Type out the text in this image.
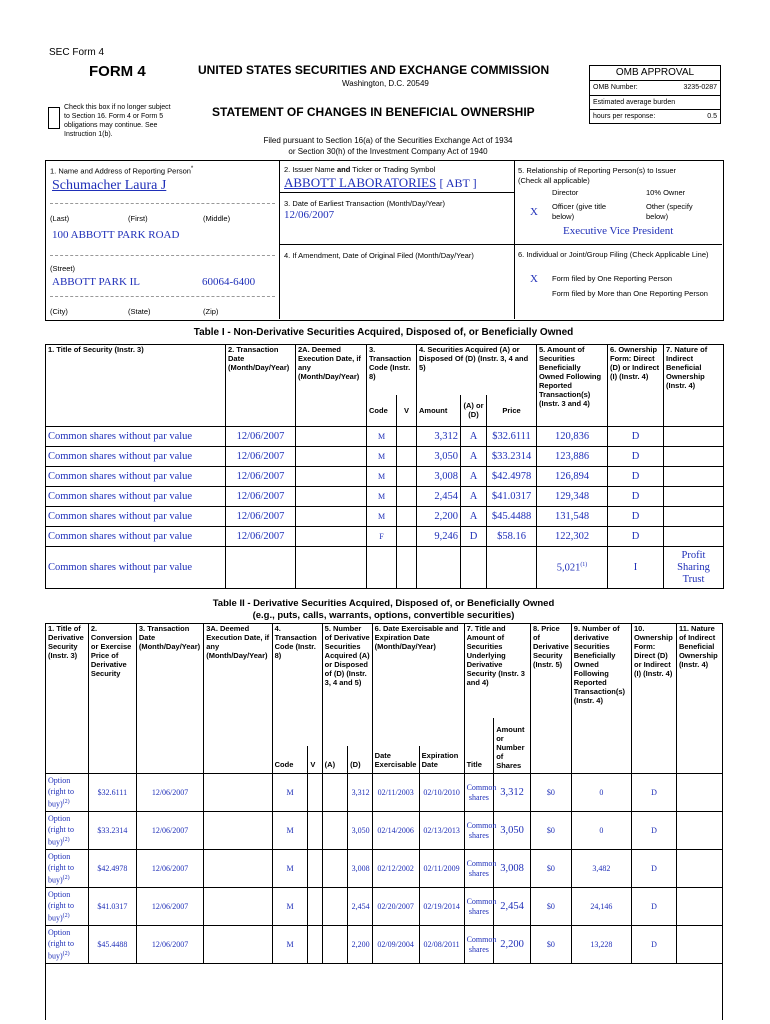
SEC Form 4
FORM 4	UNITED STATES SECURITIES AND EXCHANGE COMMISSION
Washington, D.C. 20549
Check this box if no longer subject
to Section 16. Form 4 or Form 5
obligations may continue. See
Instruction 1(b).
STATEMENT OF CHANGES IN BENEFICIAL OWNERSHIP
Filed pursuant to Section 16(a) of the Securities Exchange Act of 1934
or Section 30(h) of the Investment Company Act of 1940
OMB APPROVAL
OMB Number:	3235-0287
Estimated average burden
hours per response:	0.5
1. Name and Address of Reporting Person*
Schumacher Laura J
(Last)	(First)	(Middle)
100 ABBOTT PARK ROAD
(Street)
ABBOTT PARK IL	60064-6400
(City)	(State)	(Zip)
2. Issuer Name and Ticker or Trading Symbol
ABBOTT LABORATORIES [ ABT ]
3. Date of Earliest Transaction (Month/Day/Year)
12/06/2007
4. If Amendment, Date of Original Filed (Month/Day/Year)
5. Relationship of Reporting Person(s) to Issuer
(Check all applicable)
Director	10% Owner
X Officer (give title below)
Other (specify below)
Executive Vice President
6. Individual or Joint/Group Filing (Check Applicable Line)
X Form filed by One Reporting Person
Form filed by More than One Reporting Person
Table I - Non-Derivative Securities Acquired, Disposed of, or Beneficially Owned
1. Title of Security (Instr. 3)	2. Transaction Date (Month/Day/Year)	2A. Deemed Execution Date, if any (Month/Day/Year)	3. Transaction Code (Instr. 8)		4. Securities Acquired (A) or Disposed Of (D) (Instr. 3, 4 and 5)			5. Amount of Securities Beneficially Owned Following Reported Transaction(s) (Instr. 3 and 4)	6. Ownership Form: Direct (D) or Indirect (I) (Instr. 4)	7. Nature of Indirect Beneficial Ownership (Instr. 4)
			Code	V	Amount	(A) or (D)	Price			
Common shares without par value	12/06/2007		M		3,312	A	$32.6111	120,836	D	
Common shares without par value	12/06/2007		M		3,050	A	$33.2314	123,886	D	
Common shares without par value	12/06/2007		M		3,008	A	$42.4978	126,894	D	
Common shares without par value	12/06/2007		M		2,454	A	$41.0317	129,348	D	
Common shares without par value	12/06/2007		M		2,200	A	$45.4488	131,548	D	
Common shares without par value	12/06/2007		F		9,246	D	$58.16	122,302	D	
Common shares without par value								5,021$^{(1)}$	I	Profit Sharing Trust
Table II - Derivative Securities Acquired, Disposed of, or Beneficially Owned
(e.g., puts, calls, warrants, options, convertible securities)
1. Title of Derivative Security (Instr. 3)	2. Conversion or Exercise Price of Derivative Security	3. Transaction Date (Month/Day/Year)	3A. Deemed Execution Date, if any (Month/Day/Year)	4. Transaction Code (Instr. 8)		5. Number of Derivative Securities Acquired (A) or Disposed of (D) (Instr. 3, 4 and 5)		6. Date Exercisable and Expiration Date (Month/Day/Year)		7. Title and Amount of Securities Underlying Derivative Security (Instr. 3 and 4)		8. Price of Derivative Security (Instr. 5)	9. Number of derivative Securities Beneficially Owned Following Reported Transaction(s) (Instr. 4)	10. Ownership Form: Direct (D) or Indirect (I) (Instr. 4)	11. Nature of Indirect Beneficial Ownership (Instr. 4)
											Amount or Number of Shares				
				Code	V	(A)	(D)	Date Exercisable	Expiration Date	Title					
Option (right to buy)$^{(2)}$	$32.6111	12/06/2007		M			3,312	02/11/2003	02/10/2010	Common shares	3,312	$0	0	D	
Option (right to buy)$^{(2)}$	$33.2314	12/06/2007		M			3,050	02/14/2006	02/13/2013	Common shares	3,050	$0	0	D	
Option (right to buy)$^{(2)}$	$42.4978	12/06/2007		M			3,008	02/12/2002	02/11/2009	Common shares	3,008	$0	3,482	D	
Option (right to buy)$^{(2)}$	$41.0317	12/06/2007		M			2,454	02/20/2007	02/19/2014	Common shares	2,454	$0	24,146	D	
Option (right to buy)$^{(2)}$	$45.4488	12/06/2007		M			2,200	02/09/2004	02/08/2011	Common shares	2,200	$0	13,228	D	
